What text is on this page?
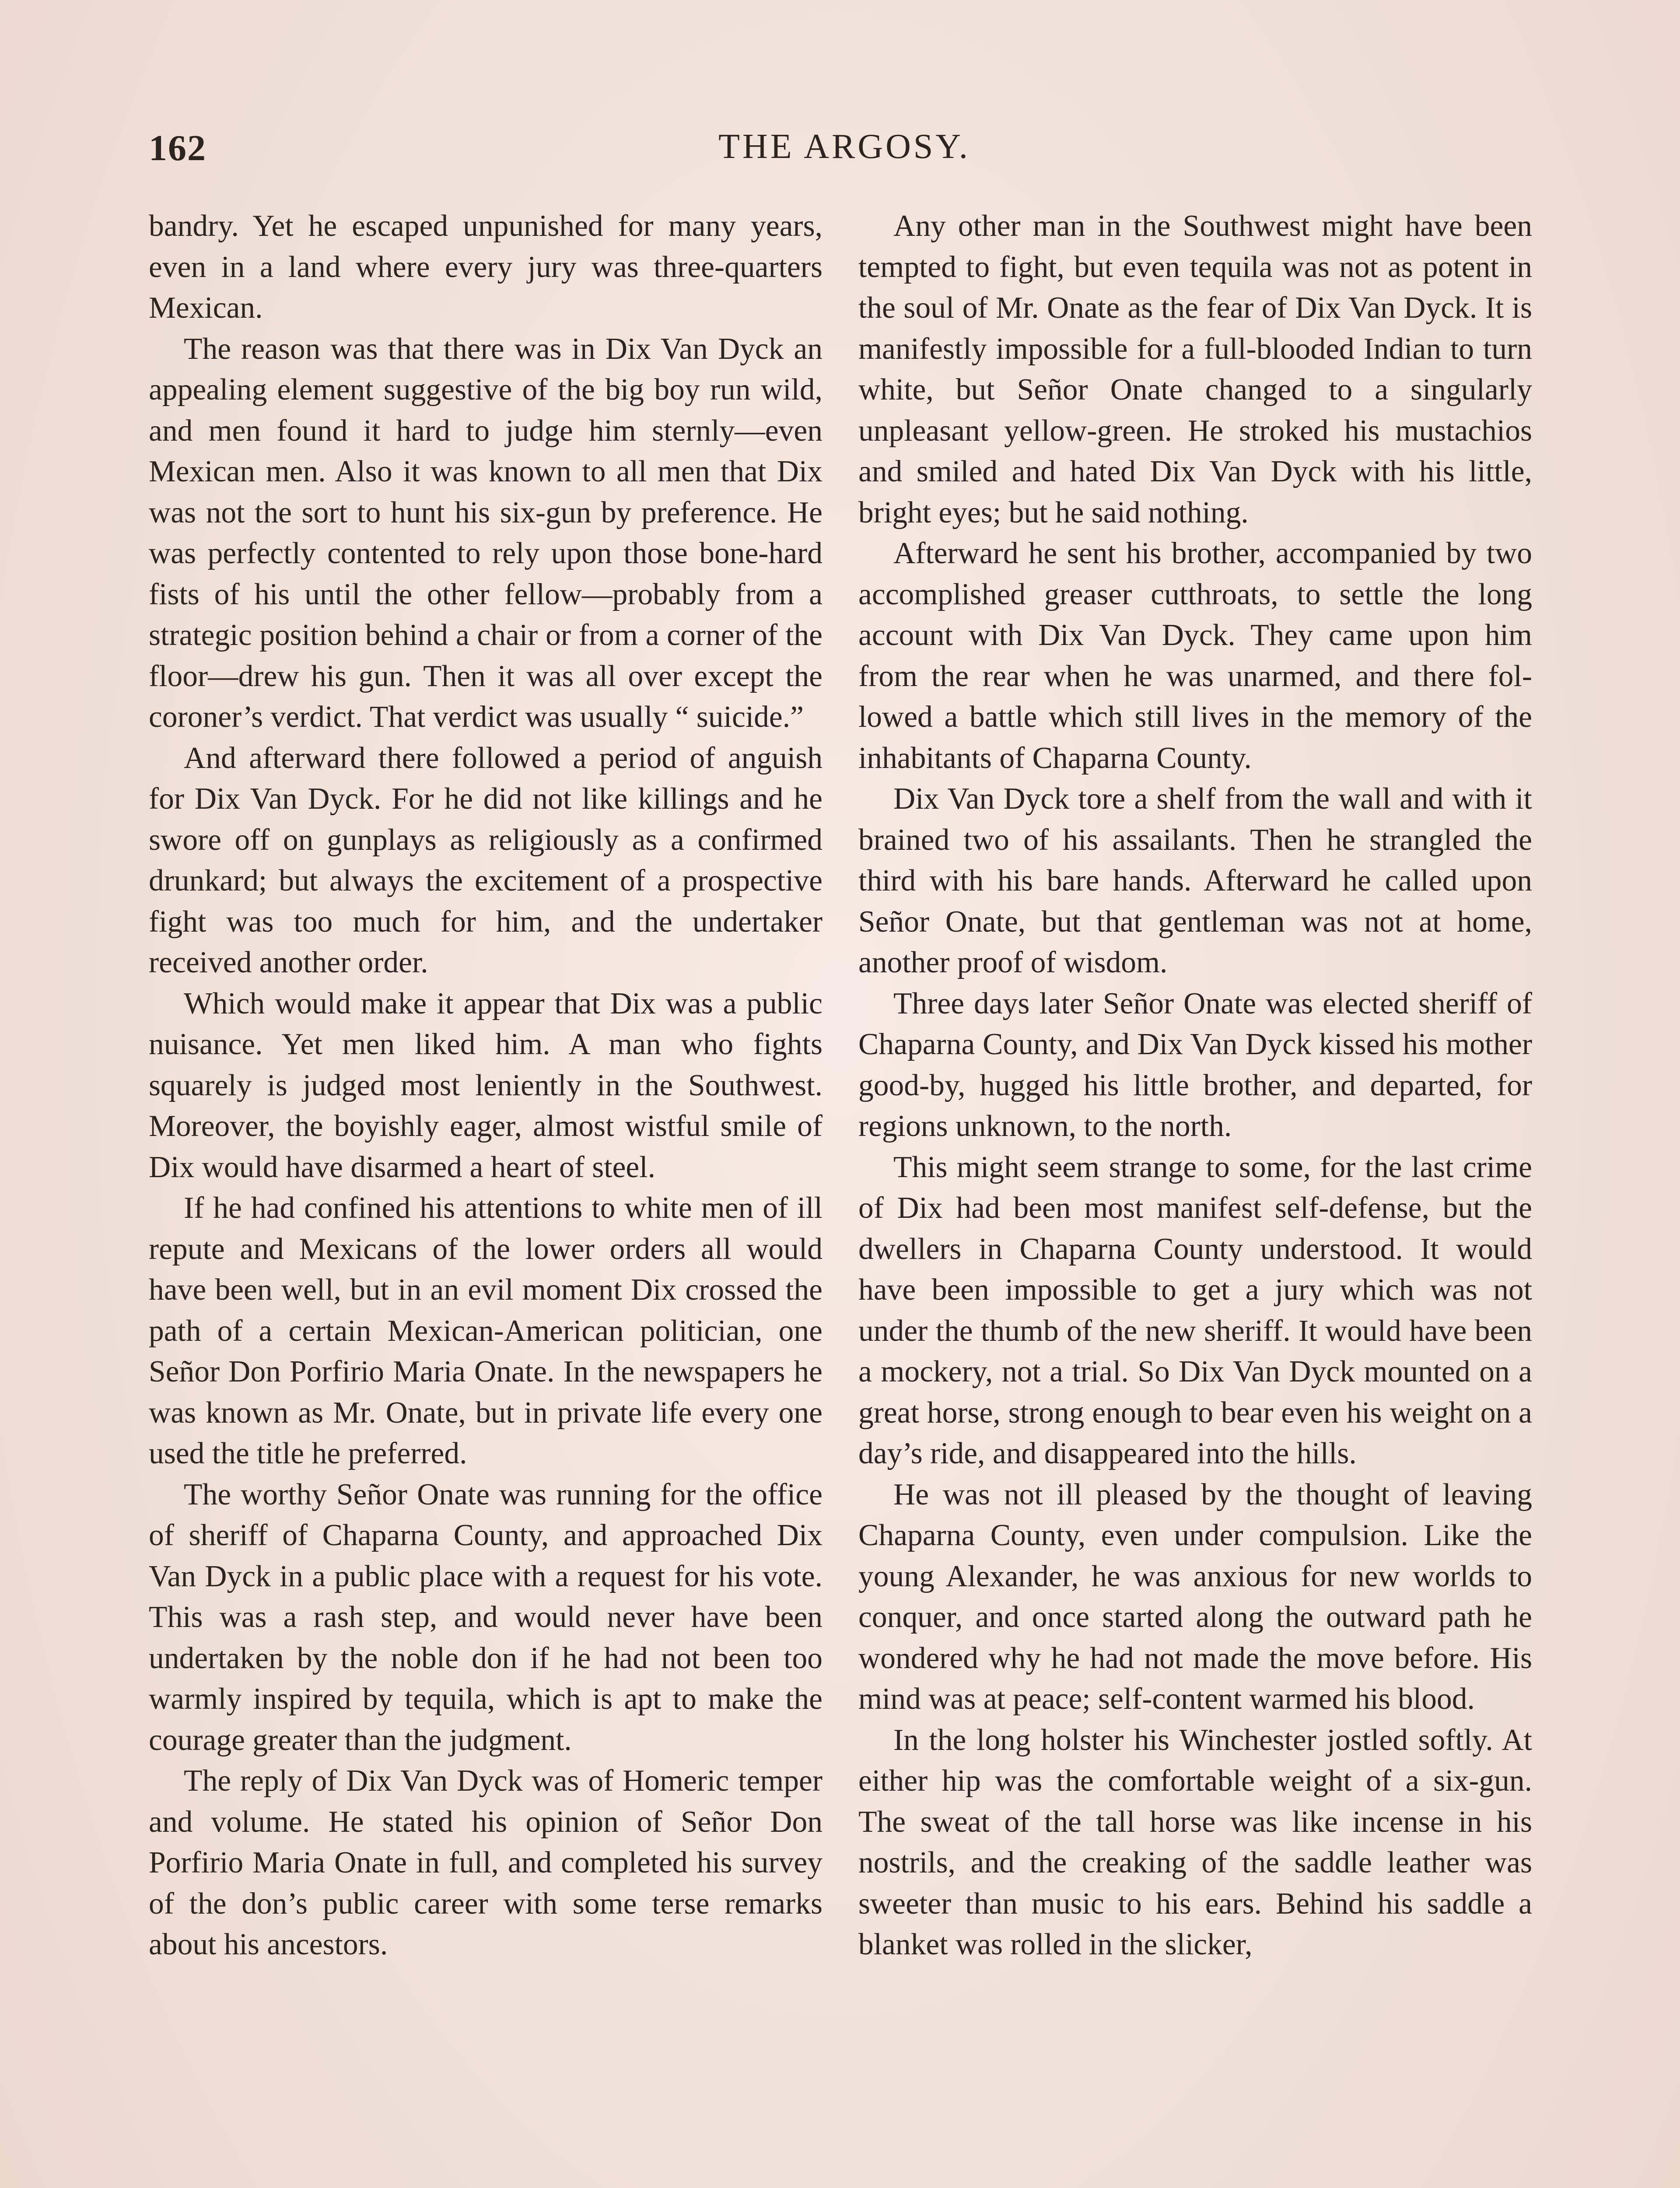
162	THE ARGOSY.

bandry. Yet he escaped unpunished for many years, even in a land where every jury was three-quarters Mexican.

The reason was that there was in Dix Van Dyck an appealing element suggestive of the big boy run wild, and men found it hard to judge him sternly—even Mexican men. Also it was known to all men that Dix was not the sort to hunt his six-gun by preference. He was perfectly contented to rely upon those bone-hard fists of his until the other fellow—probably from a strategic position behind a chair or from a corner of the floor—drew his gun. Then it was all over except the coroner’s verdict. That verdict was usually “ suicide.”

And afterward there followed a period of anguish for Dix Van Dyck. For he did not like killings and he swore off on gunplays as religiously as a confirmed drunkard; but always the excitement of a prospective fight was too much for him, and the undertaker received another order.

Which would make it appear that Dix was a public nuisance. Yet men liked him. A man who fights squarely is judged most leniently in the Southwest. Moreover, the boyishly eager, almost wistful smile of Dix would have disarmed a heart of steel.

If he had confined his attentions to white men of ill repute and Mexicans of the lower orders all would have been well, but in an evil moment Dix crossed the path of a certain Mexican-American politician, one Señor Don Porfirio Maria Onate. In the newspapers he was known as Mr. Onate, but in private life every one used the title he preferred.

The worthy Señor Onate was running for the office of sheriff of Chaparna County, and approached Dix Van Dyck in a public place with a request for his vote. This was a rash step, and would never have been undertaken by the noble don if he had not been too warmly inspired by tequila, which is apt to make the courage greater than the judgment.

The reply of Dix Van Dyck was of Homeric temper and volume. He stated his opinion of Señor Don Porfirio Maria Onate in full, and completed his survey of the don’s public career with some terse remarks about his ancestors.

Any other man in the Southwest might have been tempted to fight, but even tequila was not as potent in the soul of Mr. Onate as the fear of Dix Van Dyck. It is manifestly impossible for a full-blooded Indian to turn white, but Señor Onate changed to a singularly unpleasant yellow-green. He stroked his mustachios and smiled and hated Dix Van Dyck with his little, bright eyes; but he said nothing.

Afterward he sent his brother, accompanied by two accomplished greaser cutthroats, to settle the long account with Dix Van Dyck. They came upon him from the rear when he was unarmed, and there followed a battle which still lives in the memory of the inhabitants of Chaparna County.

Dix Van Dyck tore a shelf from the wall and with it brained two of his assailants. Then he strangled the third with his bare hands. Afterward he called upon Señor Onate, but that gentleman was not at home, another proof of wisdom.

Three days later Señor Onate was elected sheriff of Chaparna County, and Dix Van Dyck kissed his mother good-by, hugged his little brother, and departed, for regions unknown, to the north.

This might seem strange to some, for the last crime of Dix had been most manifest self-defense, but the dwellers in Chaparna County understood. It would have been impossible to get a jury which was not under the thumb of the new sheriff. It would have been a mockery, not a trial. So Dix Van Dyck mounted on a great horse, strong enough to bear even his weight on a day’s ride, and disappeared into the hills.

He was not ill pleased by the thought of leaving Chaparna County, even under compulsion. Like the young Alexander, he was anxious for new worlds to conquer, and once started along the outward path he wondered why he had not made the move before. His mind was at peace; self-content warmed his blood.

In the long holster his Winchester jostled softly. At either hip was the comfortable weight of a six-gun. The sweat of the tall horse was like incense in his nostrils, and the creaking of the saddle leather was sweeter than music to his ears. Behind his saddle a blanket was rolled in the slicker,
